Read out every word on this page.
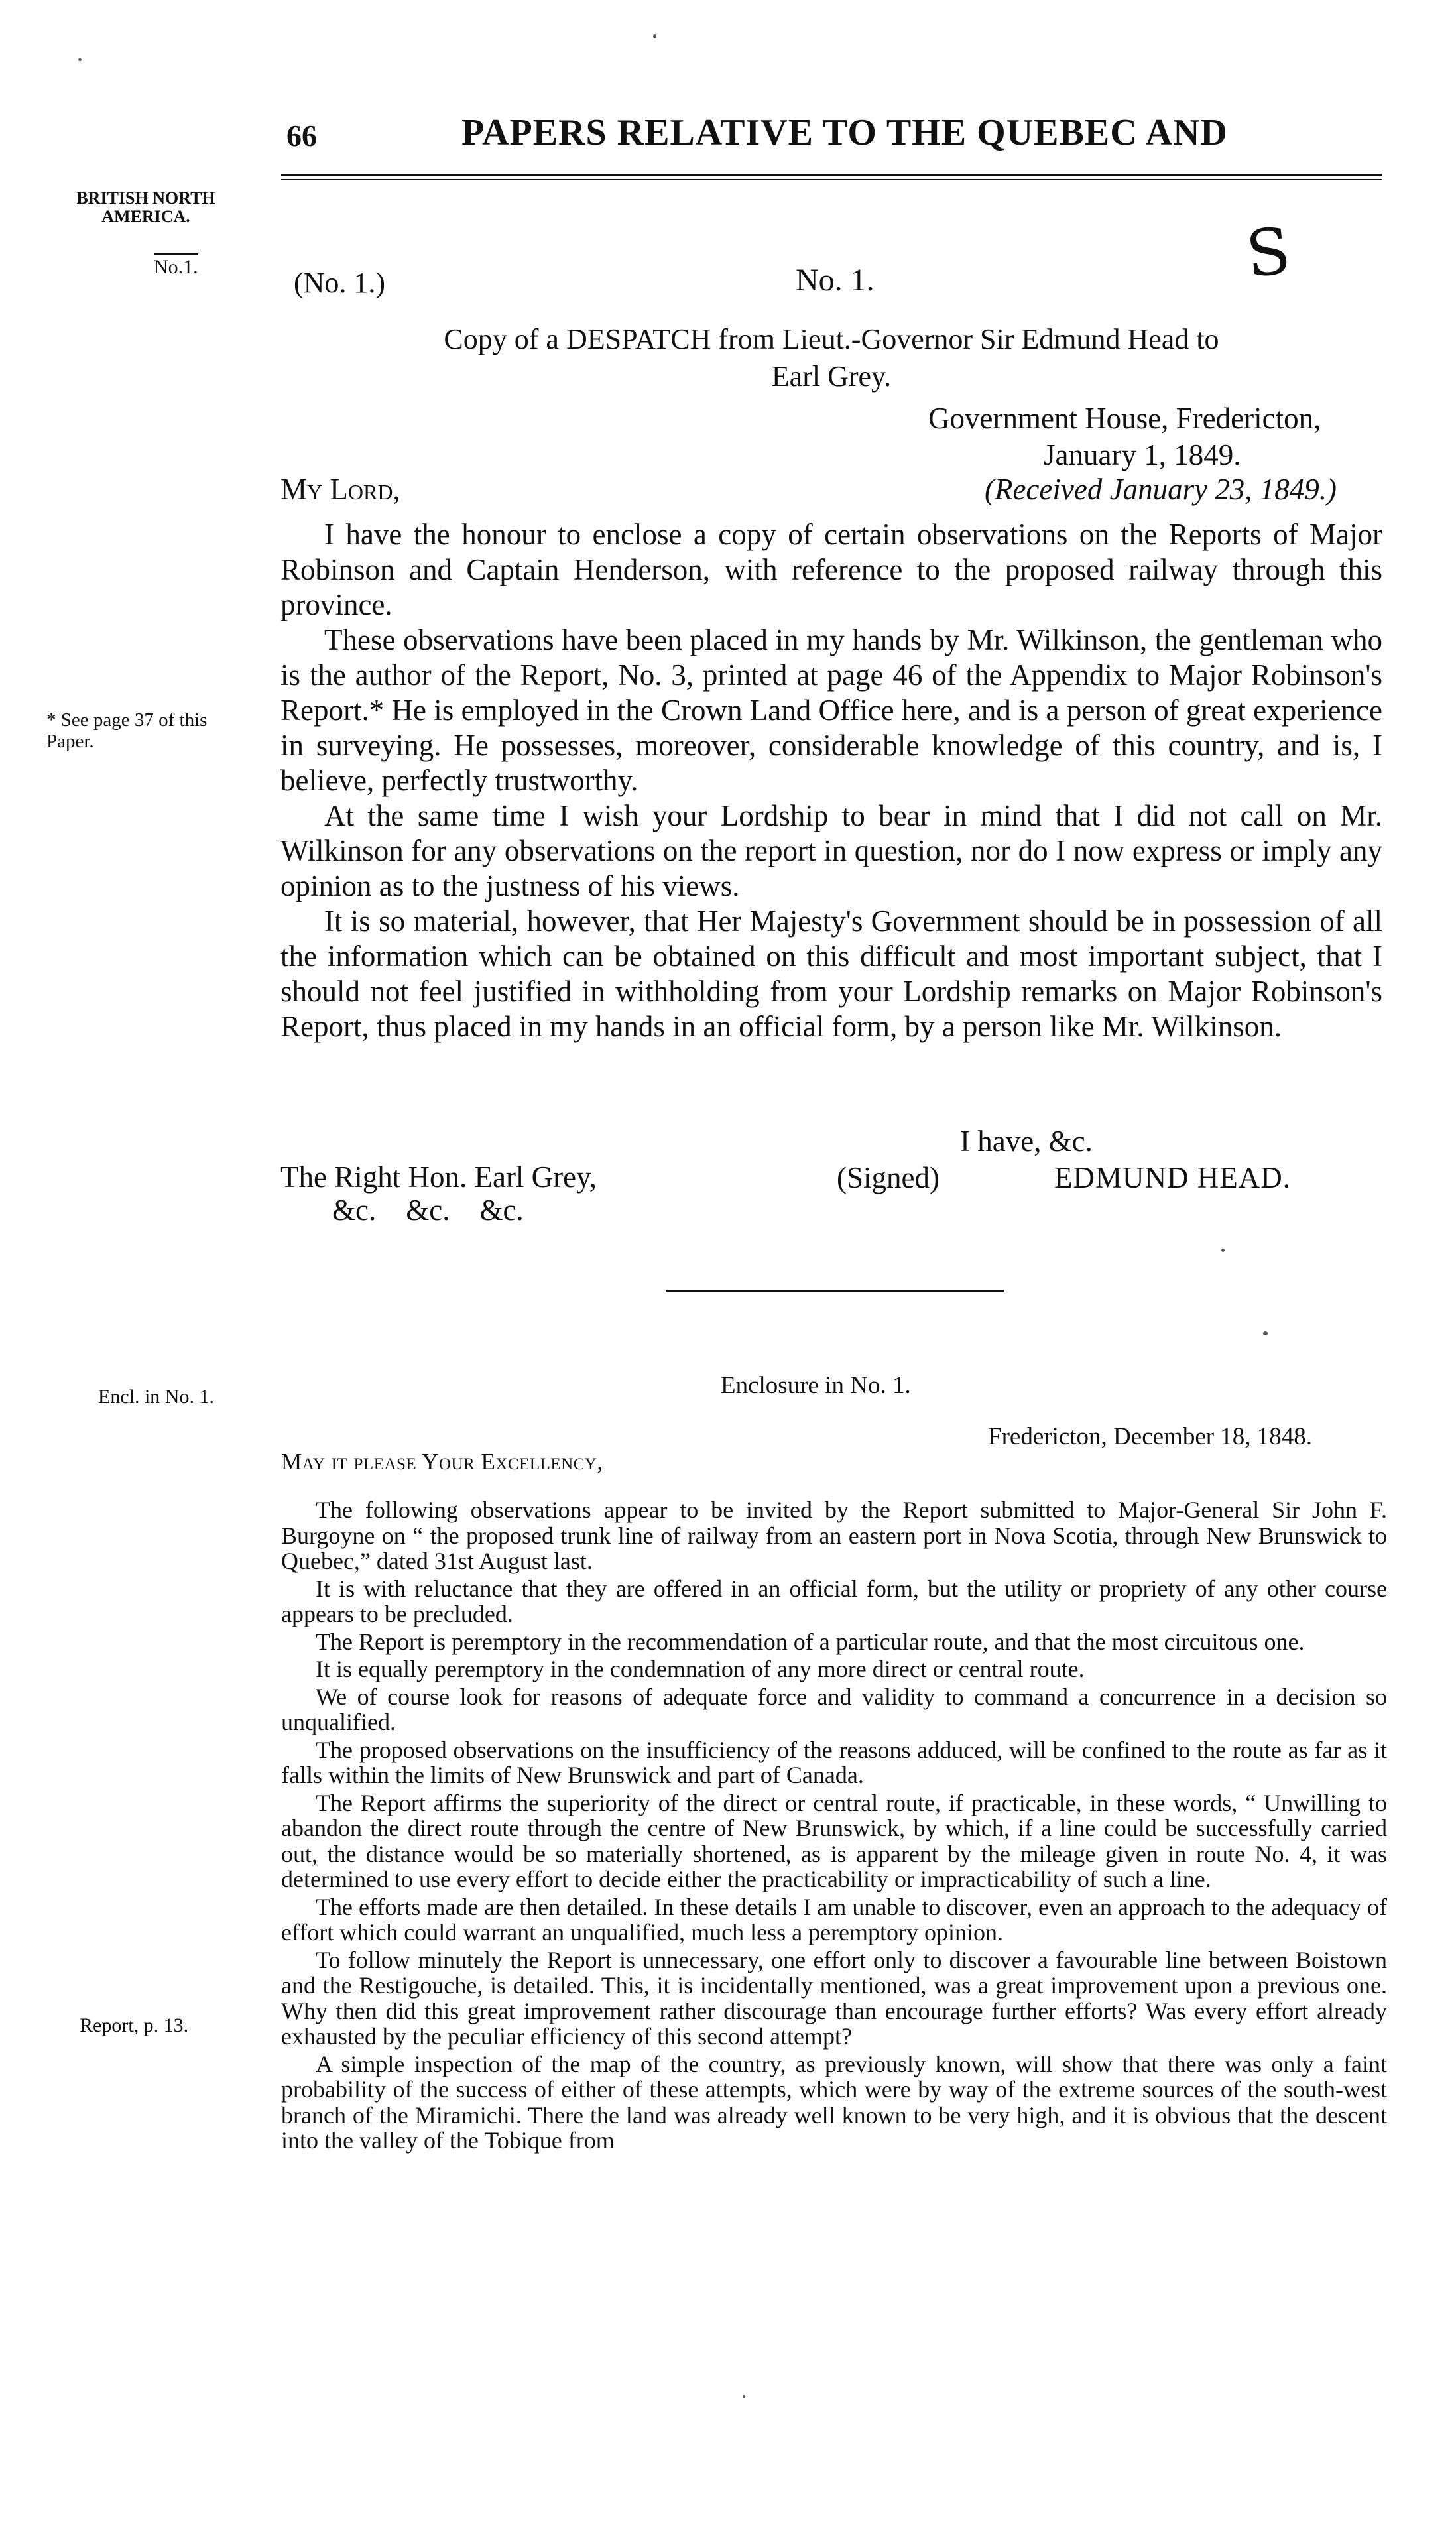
66	PAPERS RELATIVE TO THE QUEBEC AND
BRITISH NORTH AMERICA.
No.1.
* See page 37 of this Paper.
Encl. in No. 1.
Report, p. 13.
(No. 1.)	No. 1.	S
Copy of a DESPATCH from Lieut.-Governor Sir Edmund Head to
Earl Grey.
Government House, Fredericton,
January 1, 1849.
My Lord,	(Received January 23, 1849.)

I have the honour to enclose a copy of certain observations on the Reports of Major Robinson and Captain Henderson, with reference to the proposed railway through this province.

These observations have been placed in my hands by Mr. Wilkinson, the gentleman who is the author of the Report, No. 3, printed at page 46 of the Appendix to Major Robinson's Report.* He is employed in the Crown Land Office here, and is a person of great experience in surveying. He possesses, moreover, considerable knowledge of this country, and is, I believe, perfectly trustworthy.

At the same time I wish your Lordship to bear in mind that I did not call on Mr. Wilkinson for any observations on the report in question, nor do I now express or imply any opinion as to the justness of his views.

It is so material, however, that Her Majesty's Government should be in possession of all the information which can be obtained on this difficult and most important subject, that I should not feel justified in withholding from your Lordship remarks on Major Robinson's Report, thus placed in my hands in an official form, by a person like Mr. Wilkinson.

I have, &c.
The Right Hon. Earl Grey,
&c.    &c.    &c.
(Signed)	EDMUND HEAD.
Enclosure in No. 1.
Fredericton, December 18, 1848.
May it please Your Excellency,

The following observations appear to be invited by the Report submitted to Major-General Sir John F. Burgoyne on “ the proposed trunk line of railway from an eastern port in Nova Scotia, through New Brunswick to Quebec,” dated 31st August last.

It is with reluctance that they are offered in an official form, but the utility or propriety of any other course appears to be precluded.

The Report is peremptory in the recommendation of a particular route, and that the most circuitous one.

It is equally peremptory in the condemnation of any more direct or central route.

We of course look for reasons of adequate force and validity to command a concurrence in a decision so unqualified.

The proposed observations on the insufficiency of the reasons adduced, will be confined to the route as far as it falls within the limits of New Brunswick and part of Canada.

The Report affirms the superiority of the direct or central route, if practicable, in these words, “ Unwilling to abandon the direct route through the centre of New Brunswick, by which, if a line could be successfully carried out, the distance would be so materially shortened, as is apparent by the mileage given in route No. 4, it was determined to use every effort to decide either the practicability or impracticability of such a line.

The efforts made are then detailed. In these details I am unable to discover, even an approach to the adequacy of effort which could warrant an unqualified, much less a peremptory opinion.

To follow minutely the Report is unnecessary, one effort only to discover a favourable line between Boistown and the Restigouche, is detailed. This, it is incidentally mentioned, was a great improvement upon a previous one. Why then did this great improvement rather discourage than encourage further efforts? Was every effort already exhausted by the peculiar efficiency of this second attempt?

A simple inspection of the map of the country, as previously known, will show that there was only a faint probability of the success of either of these attempts, which were by way of the extreme sources of the south-west branch of the Miramichi. There the land was already well known to be very high, and it is obvious that the descent into the valley of the Tobique from
